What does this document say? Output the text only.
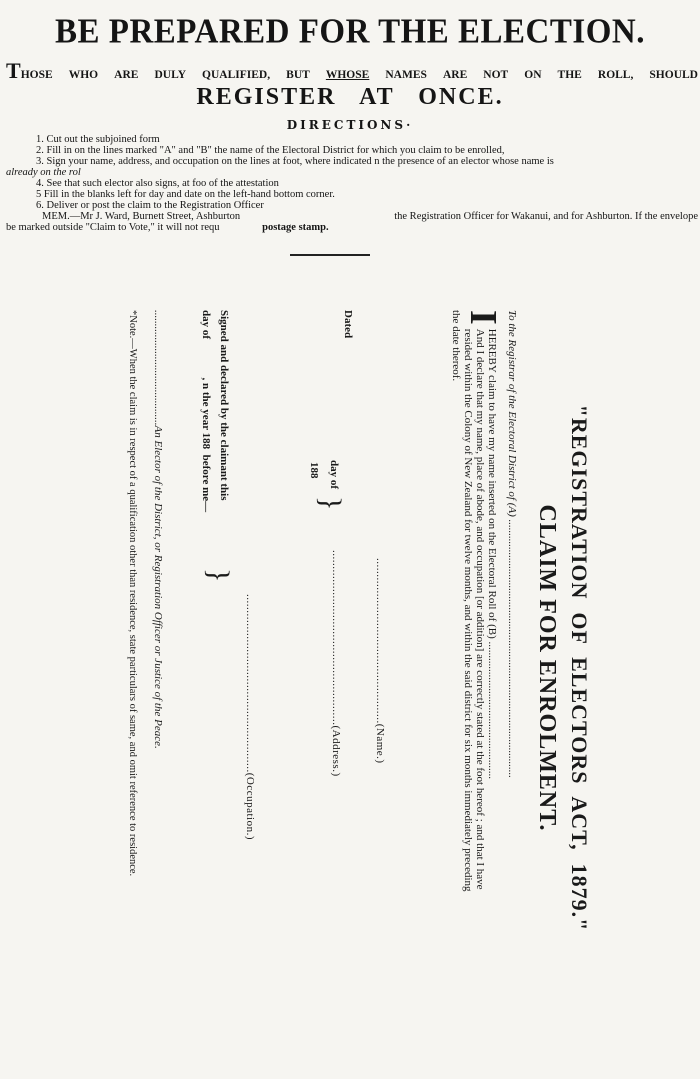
BE PREPARED FOR THE ELECTION.
THOSE WHO ARE DULY QUALIFIED, BUT WHOSE NAMES ARE NOT ON THE ROLL, SHOULD
REGISTER   AT   ONCE.
DIRECTIONS·
1. Cut out the subjoined form
2. Fill in on the lines marked "A" and "B" the name of the Electoral District for which you claim to be enrolled,
3. Sign your name, address, and occupation on the lines at foot, where indicated n the presence of an elector whose name is
already on the rol
4. See that such elector also signs, at foo of the attestation
5 Fill in the blanks left for day and date on the left-hand bottom corner.
6. Deliver or post the claim to the Registration Officer
MEM.—Mr J. Ward, Burnett Street, Ashburton	the Registration Officer for Wakanui, and for Ashburton. If the envelope
be marked outside "Claim to Vote," it will not requ	postage stamp.
"REGISTRATION  OF  ELECTORS  ACT,  1879."
CLAIM FOR ENROLMENT.
To the Registrar of the Electoral District of (A) ..............................................................................................
I
HEREBY claim to have my name inserted on the Electoral Roll of (B) ..................................................
And I declare that my name, place of abode, and occupation [or addition] are correctly stated at the foot hereof ; and that I have
resided within the Colony of New Zealand for twelve months, and within the said district for six months immediately preceding
the date thereof.
...................................................(Name.)
Dated
day of
188
}
......................................................(Address.)
.......................................................(Occupation.)
Signed and declared by the claimant this
day of              , n the year 188  before me—
}
..........................................An Elector of the District, or Registration Officer or Justice of the Peace.
*Note.—When the claim is in respect of a qualification other than residence, state particulars of same, and omit reference to residence.
